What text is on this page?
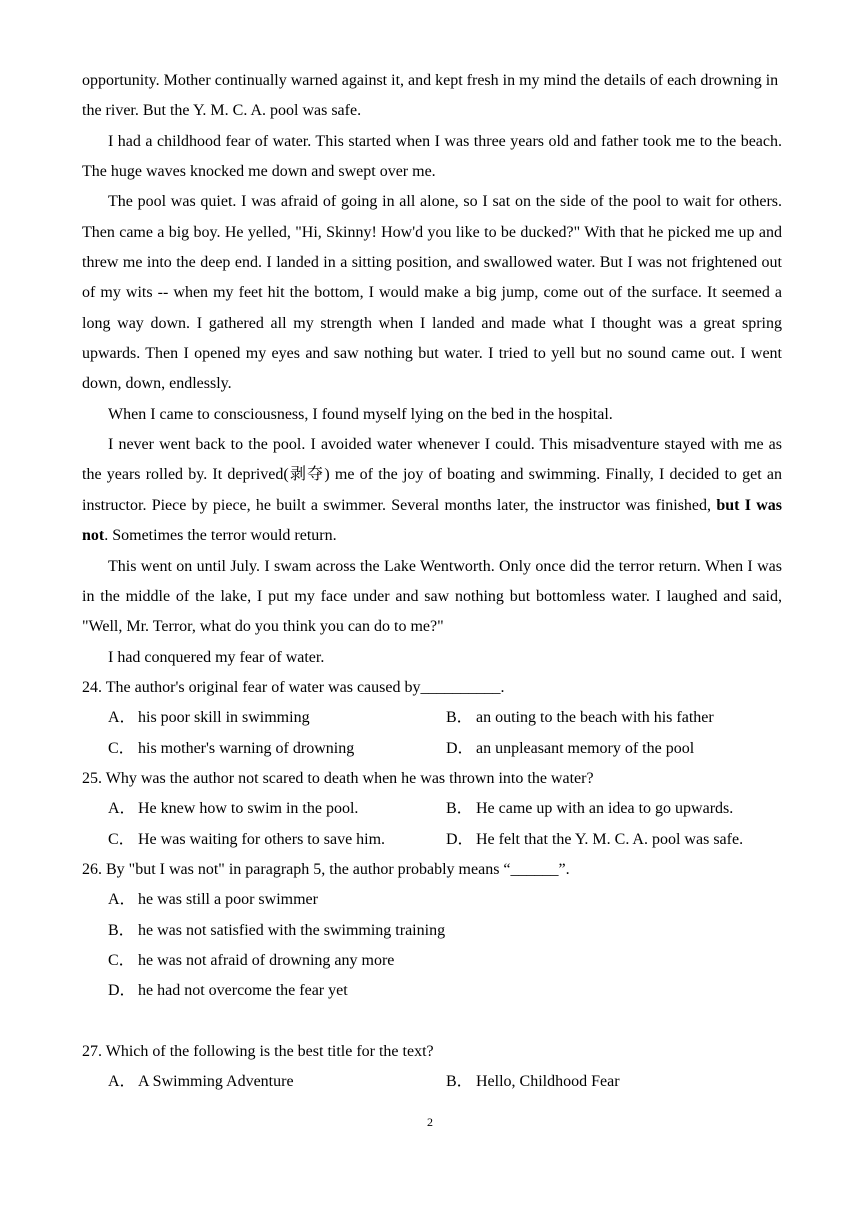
opportunity. Mother continually warned against it, and kept fresh in my mind the details of each drowning in the river. But the Y. M. C. A. pool was safe.

I had a childhood fear of water. This started when I was three years old and father took me to the beach. The huge waves knocked me down and swept over me.

The pool was quiet. I was afraid of going in all alone, so I sat on the side of the pool to wait for others. Then came a big boy. He yelled, "Hi, Skinny! How'd you like to be ducked?" With that he picked me up and threw me into the deep end. I landed in a sitting position, and swallowed water. But I was not frightened out of my wits -- when my feet hit the bottom, I would make a big jump, come out of the surface. It seemed a long way down. I gathered all my strength when I landed and made what I thought was a great spring upwards. Then I opened my eyes and saw nothing but water. I tried to yell but no sound came out. I went down, down, endlessly.

When I came to consciousness, I found myself lying on the bed in the hospital.

I never went back to the pool. I avoided water whenever I could. This misadventure stayed with me as the years rolled by. It deprived(剥夺) me of the joy of boating and swimming. Finally, I decided to get an instructor. Piece by piece, he built a swimmer. Several months later, the instructor was finished, but I was not. Sometimes the terror would return.

This went on until July. I swam across the Lake Wentworth. Only once did the terror return. When I was in the middle of the lake, I put my face under and saw nothing but bottomless water. I laughed and said, "Well, Mr. Terror, what do you think you can do to me?"

I had conquered my fear of water.

24. The author's original fear of water was caused by__________.
A． his poor skill in swimming	B． an outing to the beach with his father
C． his mother's warning of drowning	D． an unpleasant memory of the pool
25. Why was the author not scared to death when he was thrown into the water?
A． He knew how to swim in the pool.	B． He came up with an idea to go upwards.
C． He was waiting for others to save him.	D． He felt that the Y. M. C. A. pool was safe.
26. By "but I was not" in paragraph 5, the author probably means “______”.
A． he was still a poor swimmer
B． he was not satisfied with the swimming training
C． he was not afraid of drowning any more
D． he had not overcome the fear yet
27. Which of the following is the best title for the text?
A． A Swimming Adventure	B． Hello, Childhood Fear
2
